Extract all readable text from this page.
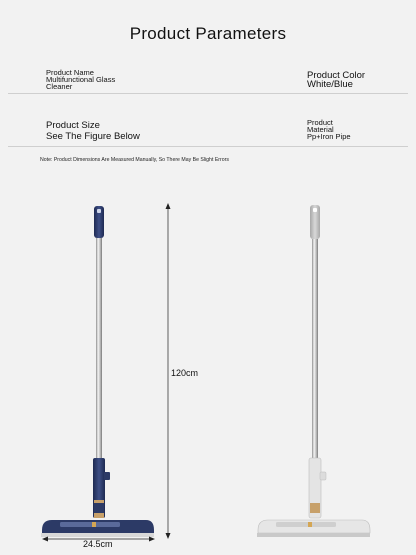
Product Parameters
Product Name
Multifunctional Glass
Cleaner
Product Color
White/Blue
Product Size
See The Figure Below
Product
Material
Pp+Iron Pipe
Note: Product Dimensions Are Measured Manually, So There May Be Slight Errors
120cm
24.5cm
